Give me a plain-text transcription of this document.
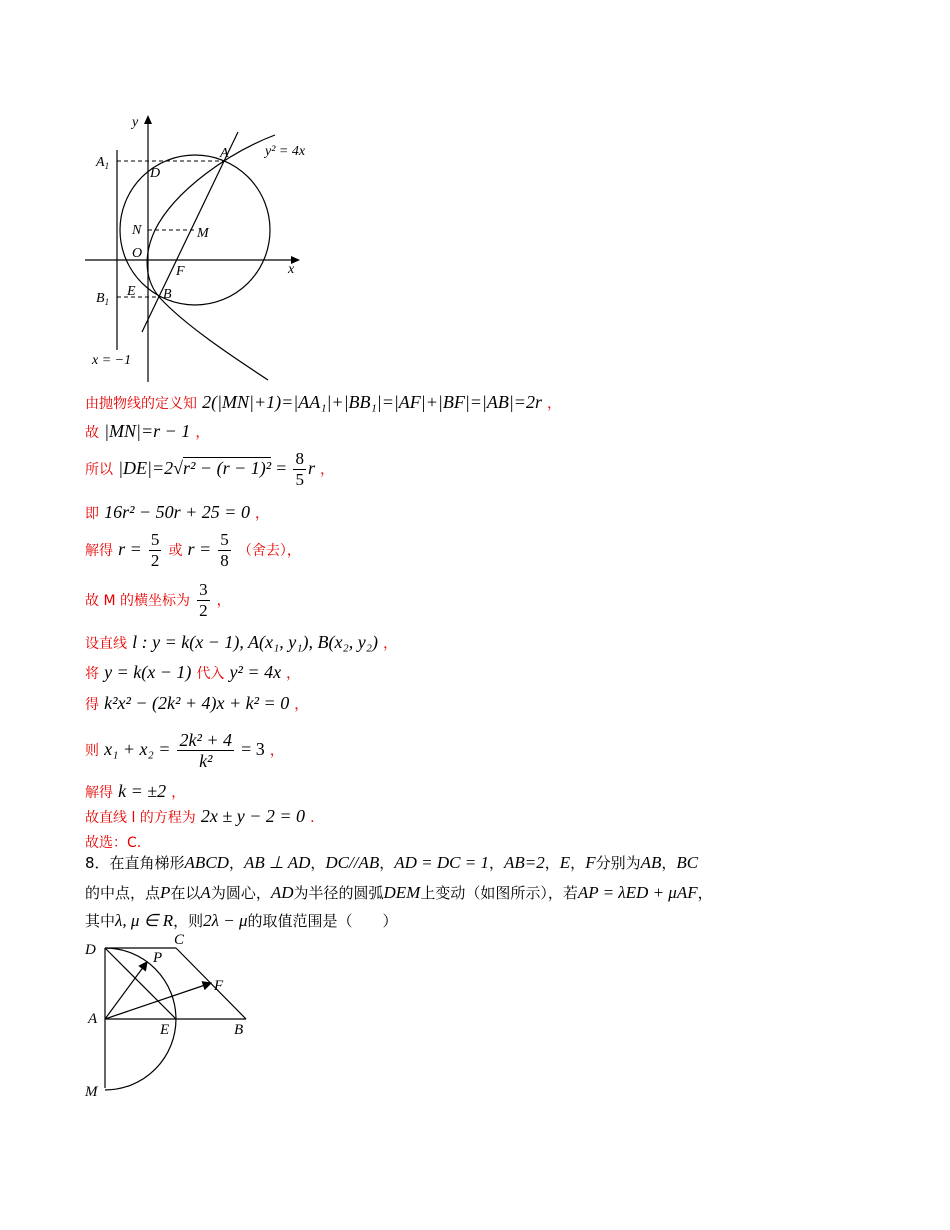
y
x
$A_1$
A	y² = 4x
D
N	M
O
F
E B
$B_1$
x = −1
由抛物线的定义知 2(|MN|+1)=|AA₁|+|BB₁|=|AF|+|BF|=|AB|=2r ，
故 |MN|=r − 1 ，
所以 $|DE|=2√r^2 - (r - 1)^2 = \frac{8}{5}$ r ，
即 16r² − 50r + 25 = 0 ，
解得 $r = \frac{5}{2}$ 或 $r = \frac{5}{8}$ （舍去），
故 M 的横坐标为 $\frac{3}{2}$ ，
设直线 l : y = k(x − 1), A(x₁, y₁), B(x₂, y₂) ，
将 y = k(x − 1) 代入 y² = 4x ，
得 k²x² − (2k² + 4)x + k² = 0 ，
则 $x_1 + x_2 = \frac{\text{2k² + 4}}{\text{k²}} = 3$ ，
解得 k = ±2 ，
故直线 l 的方程为 2x ± y − 2 = 0 .
故选：C.
8．在直角梯形ABCD，AB ⊥ AD，DC//AB，AD = DC = 1，AB=2，E，F分别为AB，BC
的中点，点P在以A为圆心，AD为半径的圆弧DEM上变动（如图所示），若AP = λED + μAF，
其中λ, μ ∈ R，则2λ − μ的取值范围是（　　）
D
C
P
F
A
E	B
M
